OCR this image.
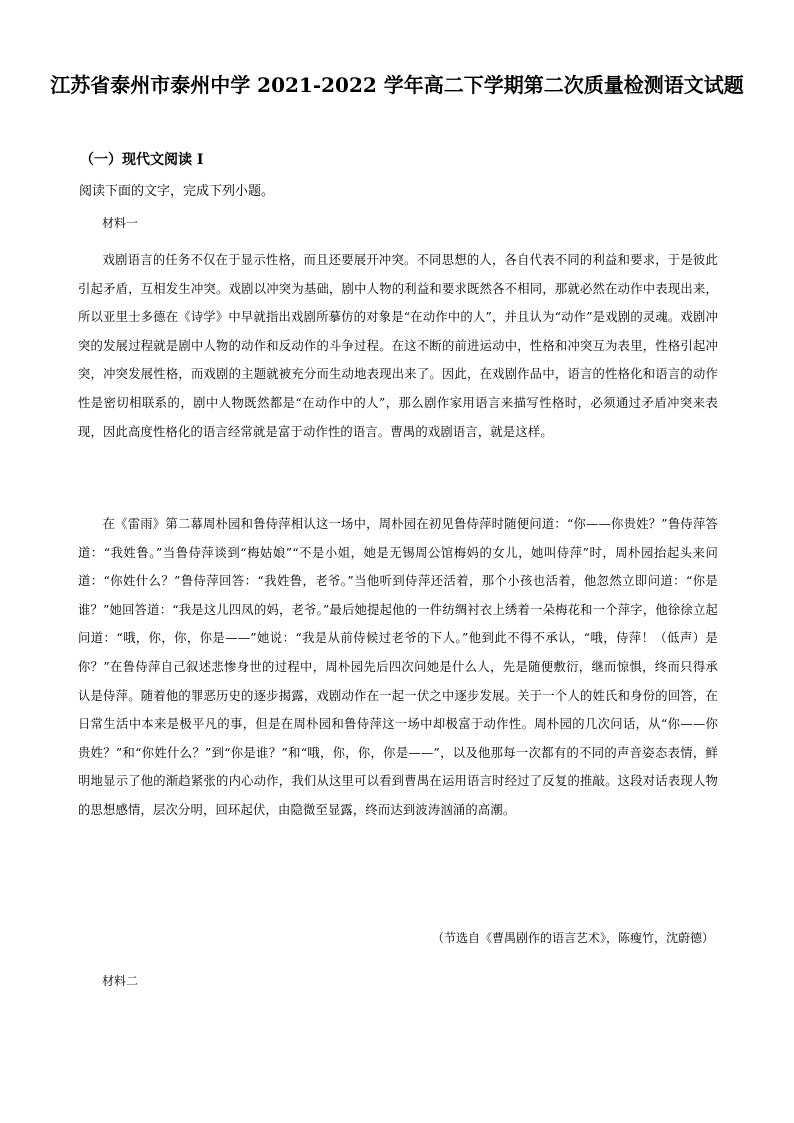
江苏省泰州市泰州中学 2021-2022 学年高二下学期第二次质量检测语文试题

（一）现代文阅读 I

阅读下面的文字，完成下列小题。

材料一

戏剧语言的任务不仅在于显示性格，而且还要展开冲突。不同思想的人，各自代表不同的利益和要求，于是彼此引起矛盾，互相发生冲突。戏剧以冲突为基础，剧中人物的利益和要求既然各不相同，那就必然在动作中表现出来，所以亚里士多德在《诗学》中早就指出戏剧所摹仿的对象是“在动作中的人”，并且认为“动作”是戏剧的灵魂。戏剧冲突的发展过程就是剧中人物的动作和反动作的斗争过程。在这不断的前进运动中，性格和冲突互为表里，性格引起冲突，冲突发展性格，而戏剧的主题就被充分而生动地表现出来了。因此，在戏剧作品中，语言的性格化和语言的动作性是密切相联系的，剧中人物既然都是“在动作中的人”，那么剧作家用语言来描写性格时，必须通过矛盾冲突来表现，因此高度性格化的语言经常就是富于动作性的语言。曹禺的戏剧语言，就是这样。

在《雷雨》第二幕周朴园和鲁侍萍相认这一场中，周朴园在初见鲁侍萍时随便问道：“你——你贵姓？”鲁侍萍答道：“我姓鲁。”当鲁侍萍谈到“梅姑娘”“不是小姐，她是无锡周公馆梅妈的女儿，她叫侍萍”时，周朴园抬起头来问道：“你姓什么？”鲁侍萍回答：“我姓鲁，老爷。”当他听到侍萍还活着，那个小孩也活着，他忽然立即问道：“你是谁？”她回答道：“我是这儿四凤的妈，老爷。”最后她提起他的一件纺绸衬衣上绣着一朵梅花和一个萍字，他徐徐立起问道：“哦，你，你，你是——”她说：“我是从前侍候过老爷的下人。”他到此不得不承认，“哦，侍萍！（低声）是你？”在鲁侍萍自己叙述悲惨身世的过程中，周朴园先后四次问她是什么人，先是随便敷衍，继而惊惧，终而只得承认是侍萍。随着他的罪恶历史的逐步揭露，戏剧动作在一起一伏之中逐步发展。关于一个人的姓氏和身份的回答，在日常生活中本来是极平凡的事，但是在周朴园和鲁侍萍这一场中却极富于动作性。周朴园的几次问话，从“你——你贵姓？”和“你姓什么？”到“你是谁？”和“哦，你，你，你是——”，以及他那每一次都有的不同的声音姿态表情，鲜明地显示了他的渐趋紧张的内心动作，我们从这里可以看到曹禺在运用语言时经过了反复的推敲。这段对话表现人物的思想感情，层次分明，回环起伏，由隐微至显露，终而达到波涛汹涌的高潮。

（节选自《曹禺剧作的语言艺术》，陈瘦竹，沈蔚德）

材料二
